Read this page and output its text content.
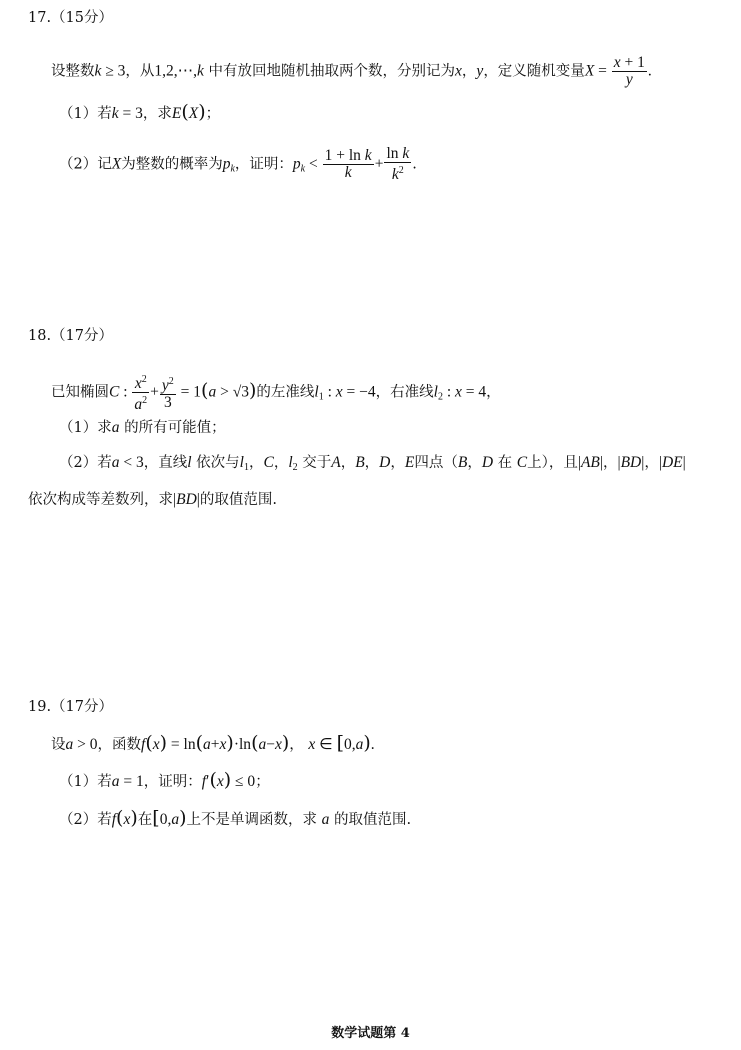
17.（15分）
设整数k ≥ 3，从1,2,⋯,k 中有放回地随机抽取两个数，分别记为x，y，定义随机变量$X = \frac{x + 1}{y}$ .
（1）若k = 3，求E(X)；
（2）记X为整数的概率为$p_k$，证明：$p_k < \frac{\text{1 + ln k}}{k} + \frac{\text{ln k}}{k^2}$ .
18.（17分）
已知椭圆C : $\frac{x^2}{a^2} + \frac{y^2}{3} = 1(a > √3)$的左准线$l_1$ : x = −4，右准线$l_2$ : x = 4，
（1）求a 的所有可能值；
（2）若a < 3，直线l 依次与$l_1$，C，$l_2$ 交于A，B，D，E四点（B，D 在 C上），且|AB|，|BD|，|DE|
依次构成等差数列，求|BD|的取值范围.
19.（17分）
设a > 0，函数f(x) = ln(a+x)·ln(a−x)， x ∈ [0,a).
（1）若a = 1，证明：f′(x) ≤ 0；
（2）若f(x)在[0,a)上不是单调函数，求 a 的取值范围.
数学试题第 4
